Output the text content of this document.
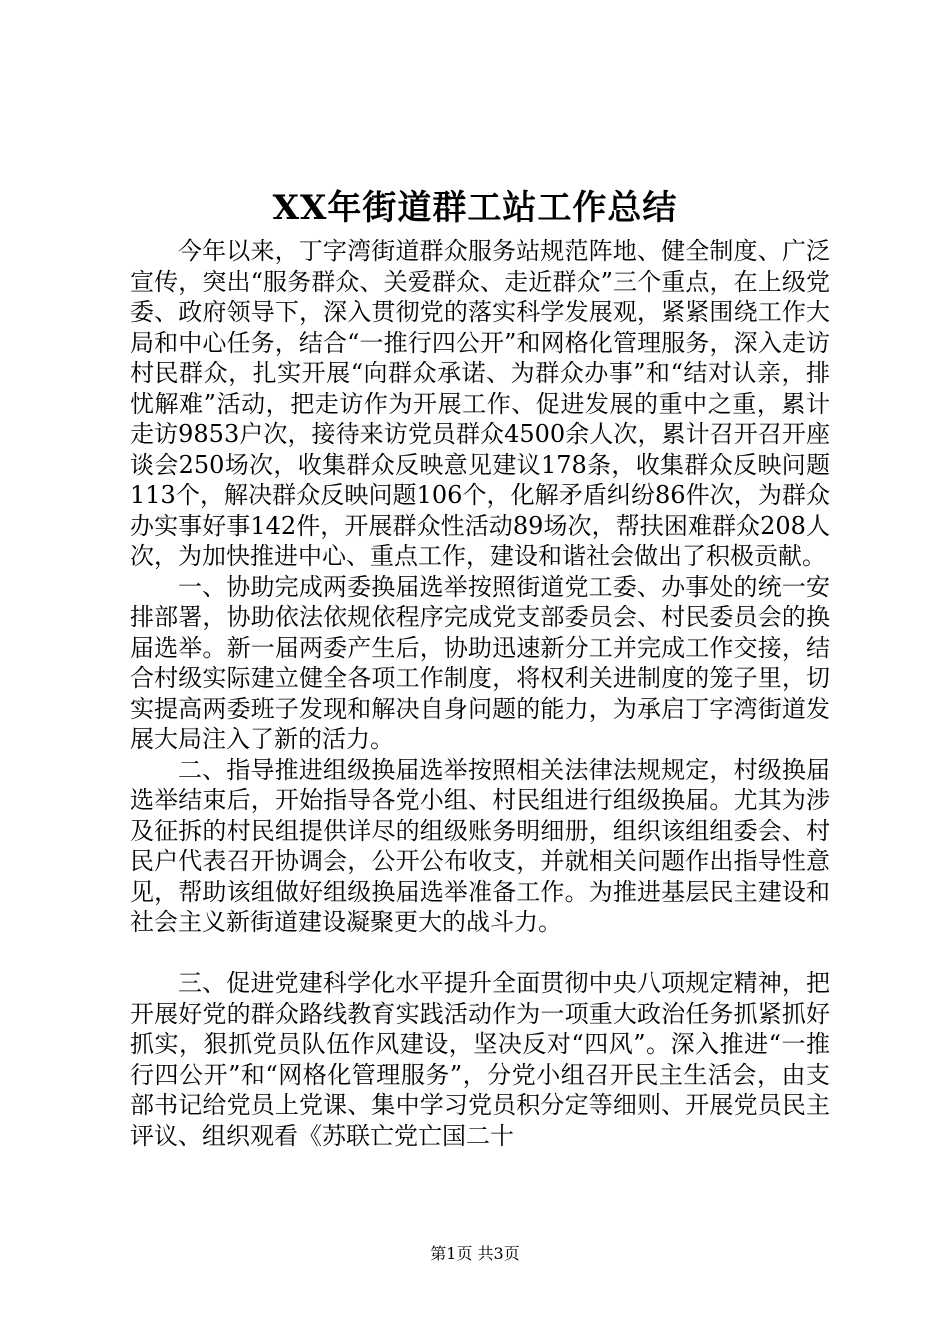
XX年街道群工站工作总结

今年以来，丁字湾街道群众服务站规范阵地、健全制度、广泛宣传，突出“服务群众、关爱群众、走近群众”三个重点，在上级党委、政府领导下，深入贯彻党的落实科学发展观，紧紧围绕工作大局和中心任务，结合“一推行四公开”和网格化管理服务，深入走访村民群众，扎实开展“向群众承诺、为群众办事”和“结对认亲，排忧解难”活动，把走访作为开展工作、促进发展的重中之重，累计走访9853户次，接待来访党员群众4500余人次，累计召开召开座谈会250场次，收集群众反映意见建议178条，收集群众反映问题113个，解决群众反映问题106个，化解矛盾纠纷86件次，为群众办实事好事142件，开展群众性活动89场次，帮扶困难群众208人次，为加快推进中心、重点工作，建设和谐社会做出了积极贡献。

一、协助完成两委换届选举按照街道党工委、办事处的统一安排部署，协助依法依规依程序完成党支部委员会、村民委员会的换届选举。新一届两委产生后，协助迅速新分工并完成工作交接，结合村级实际建立健全各项工作制度，将权利关进制度的笼子里，切实提高两委班子发现和解决自身问题的能力，为承启丁字湾街道发展大局注入了新的活力。

二、指导推进组级换届选举按照相关法律法规规定，村级换届选举结束后，开始指导各党小组、村民组进行组级换届。尤其为涉及征拆的村民组提供详尽的组级账务明细册，组织该组组委会、村民户代表召开协调会，公开公布收支，并就相关问题作出指导性意见，帮助该组做好组级换届选举准备工作。为推进基层民主建设和社会主义新街道建设凝聚更大的战斗力。

三、促进党建科学化水平提升全面贯彻中央八项规定精神，把开展好党的群众路线教育实践活动作为一项重大政治任务抓紧抓好抓实，狠抓党员队伍作风建设，坚决反对“四风”。深入推进“一推行四公开”和“网格化管理服务”，分党小组召开民主生活会，由支部书记给党员上党课、集中学习党员积分定等细则、开展党员民主评议、组织观看《苏联亡党亡国二十

第1页 共3页
